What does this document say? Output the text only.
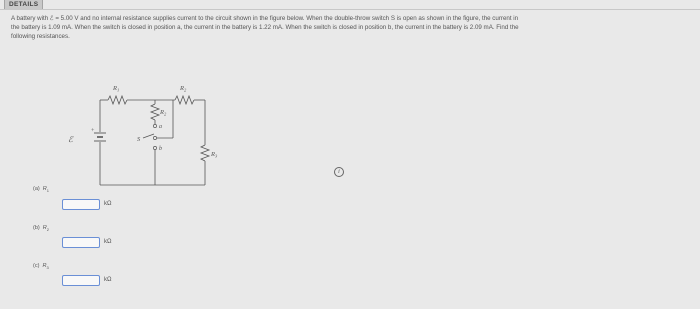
DETAILS
A battery with ℰ = 5.00 V and no internal resistance supplies current to the circuit shown in the figure below. When the double-throw switch S is open as shown in the figure, the current in
the battery is 1.09 mA. When the switch is closed in position a, the current in the battery is 1.22 mA. When the switch is closed in position b, the current in the battery is 2.09 mA. Find the
following resistances.
ℰ
+
$R_1$
$R_2$
$R_2$
$R_3$
S
a
b
i
(a) $R_1$
kΩ
(b) $R_2$
kΩ
(c) $R_3$
kΩ
